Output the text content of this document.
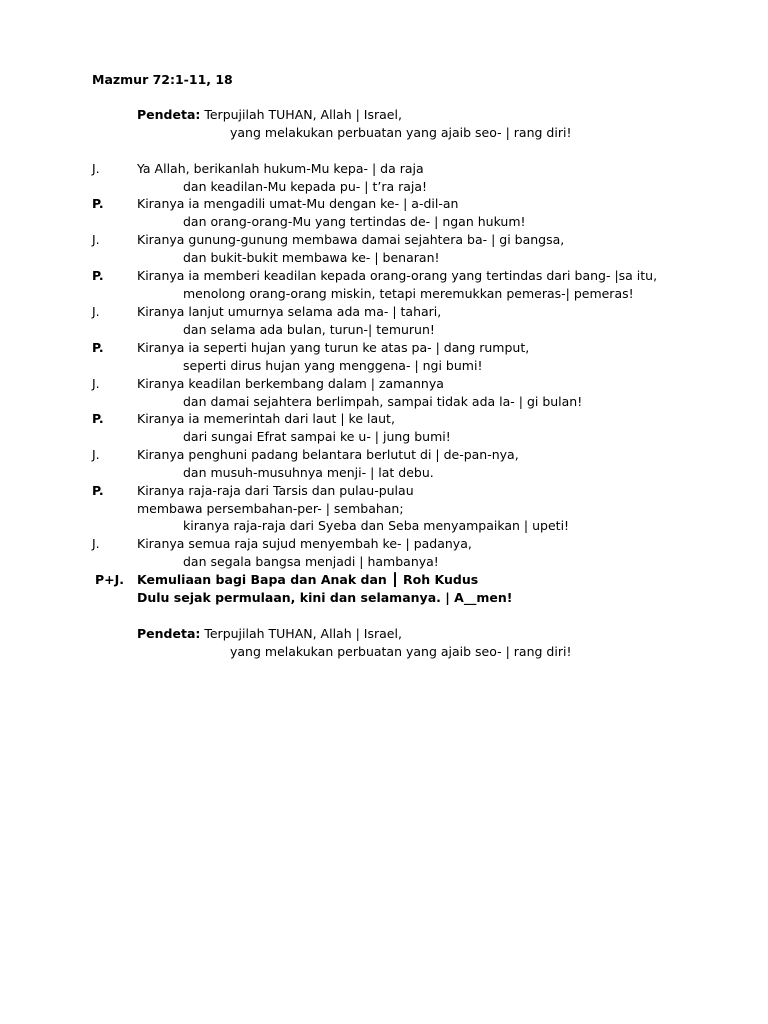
Mazmur 72:1-11, 18
Pendeta: Terpujilah TUHAN, Allah | Israel,
yang melakukan perbuatan yang ajaib seo- | rang diri!
J.	Ya Allah, berikanlah hukum-Mu kepa- | da raja
dan keadilan-Mu kepada pu- | t’ra raja!
P.	Kiranya ia mengadili umat-Mu dengan ke- | a-dil-an
dan orang-orang-Mu yang tertindas de- | ngan hukum!
J.	Kiranya gunung-gunung membawa damai sejahtera ba- | gi bangsa,
dan bukit-bukit membawa ke- | benaran!
P.	Kiranya ia memberi keadilan kepada orang-orang yang tertindas dari bang- |sa itu,
menolong orang-orang miskin, tetapi meremukkan pemeras-| pemeras!
J.	Kiranya lanjut umurnya selama ada ma- | tahari,
dan selama ada bulan, turun-| temurun!
P.	Kiranya ia seperti hujan yang turun ke atas pa- | dang rumput,
seperti dirus hujan yang menggena- | ngi bumi!
J.	Kiranya keadilan berkembang dalam | zamannya
dan damai sejahtera berlimpah, sampai tidak ada la- | gi bulan!
P.	Kiranya ia memerintah dari laut | ke laut,
dari sungai Efrat sampai ke u- | jung bumi!
J.	Kiranya penghuni padang belantara berlutut di | de-pan-nya,
dan musuh-musuhnya menji- | lat debu.
P.	Kiranya raja-raja dari Tarsis dan pulau-pulau
membawa persembahan-per- | sembahan;
kiranya raja-raja dari Syeba dan Seba menyampaikan | upeti!
J.	Kiranya semua raja sujud menyembah ke- | padanya,
dan segala bangsa menjadi | hambanya!
P+J. Kemuliaan bagi Bapa dan Anak dan ┃ Roh Kudus
Dulu sejak permulaan, kini dan selamanya. | A__men!
Pendeta: Terpujilah TUHAN, Allah | Israel,
yang melakukan perbuatan yang ajaib seo- | rang diri!
